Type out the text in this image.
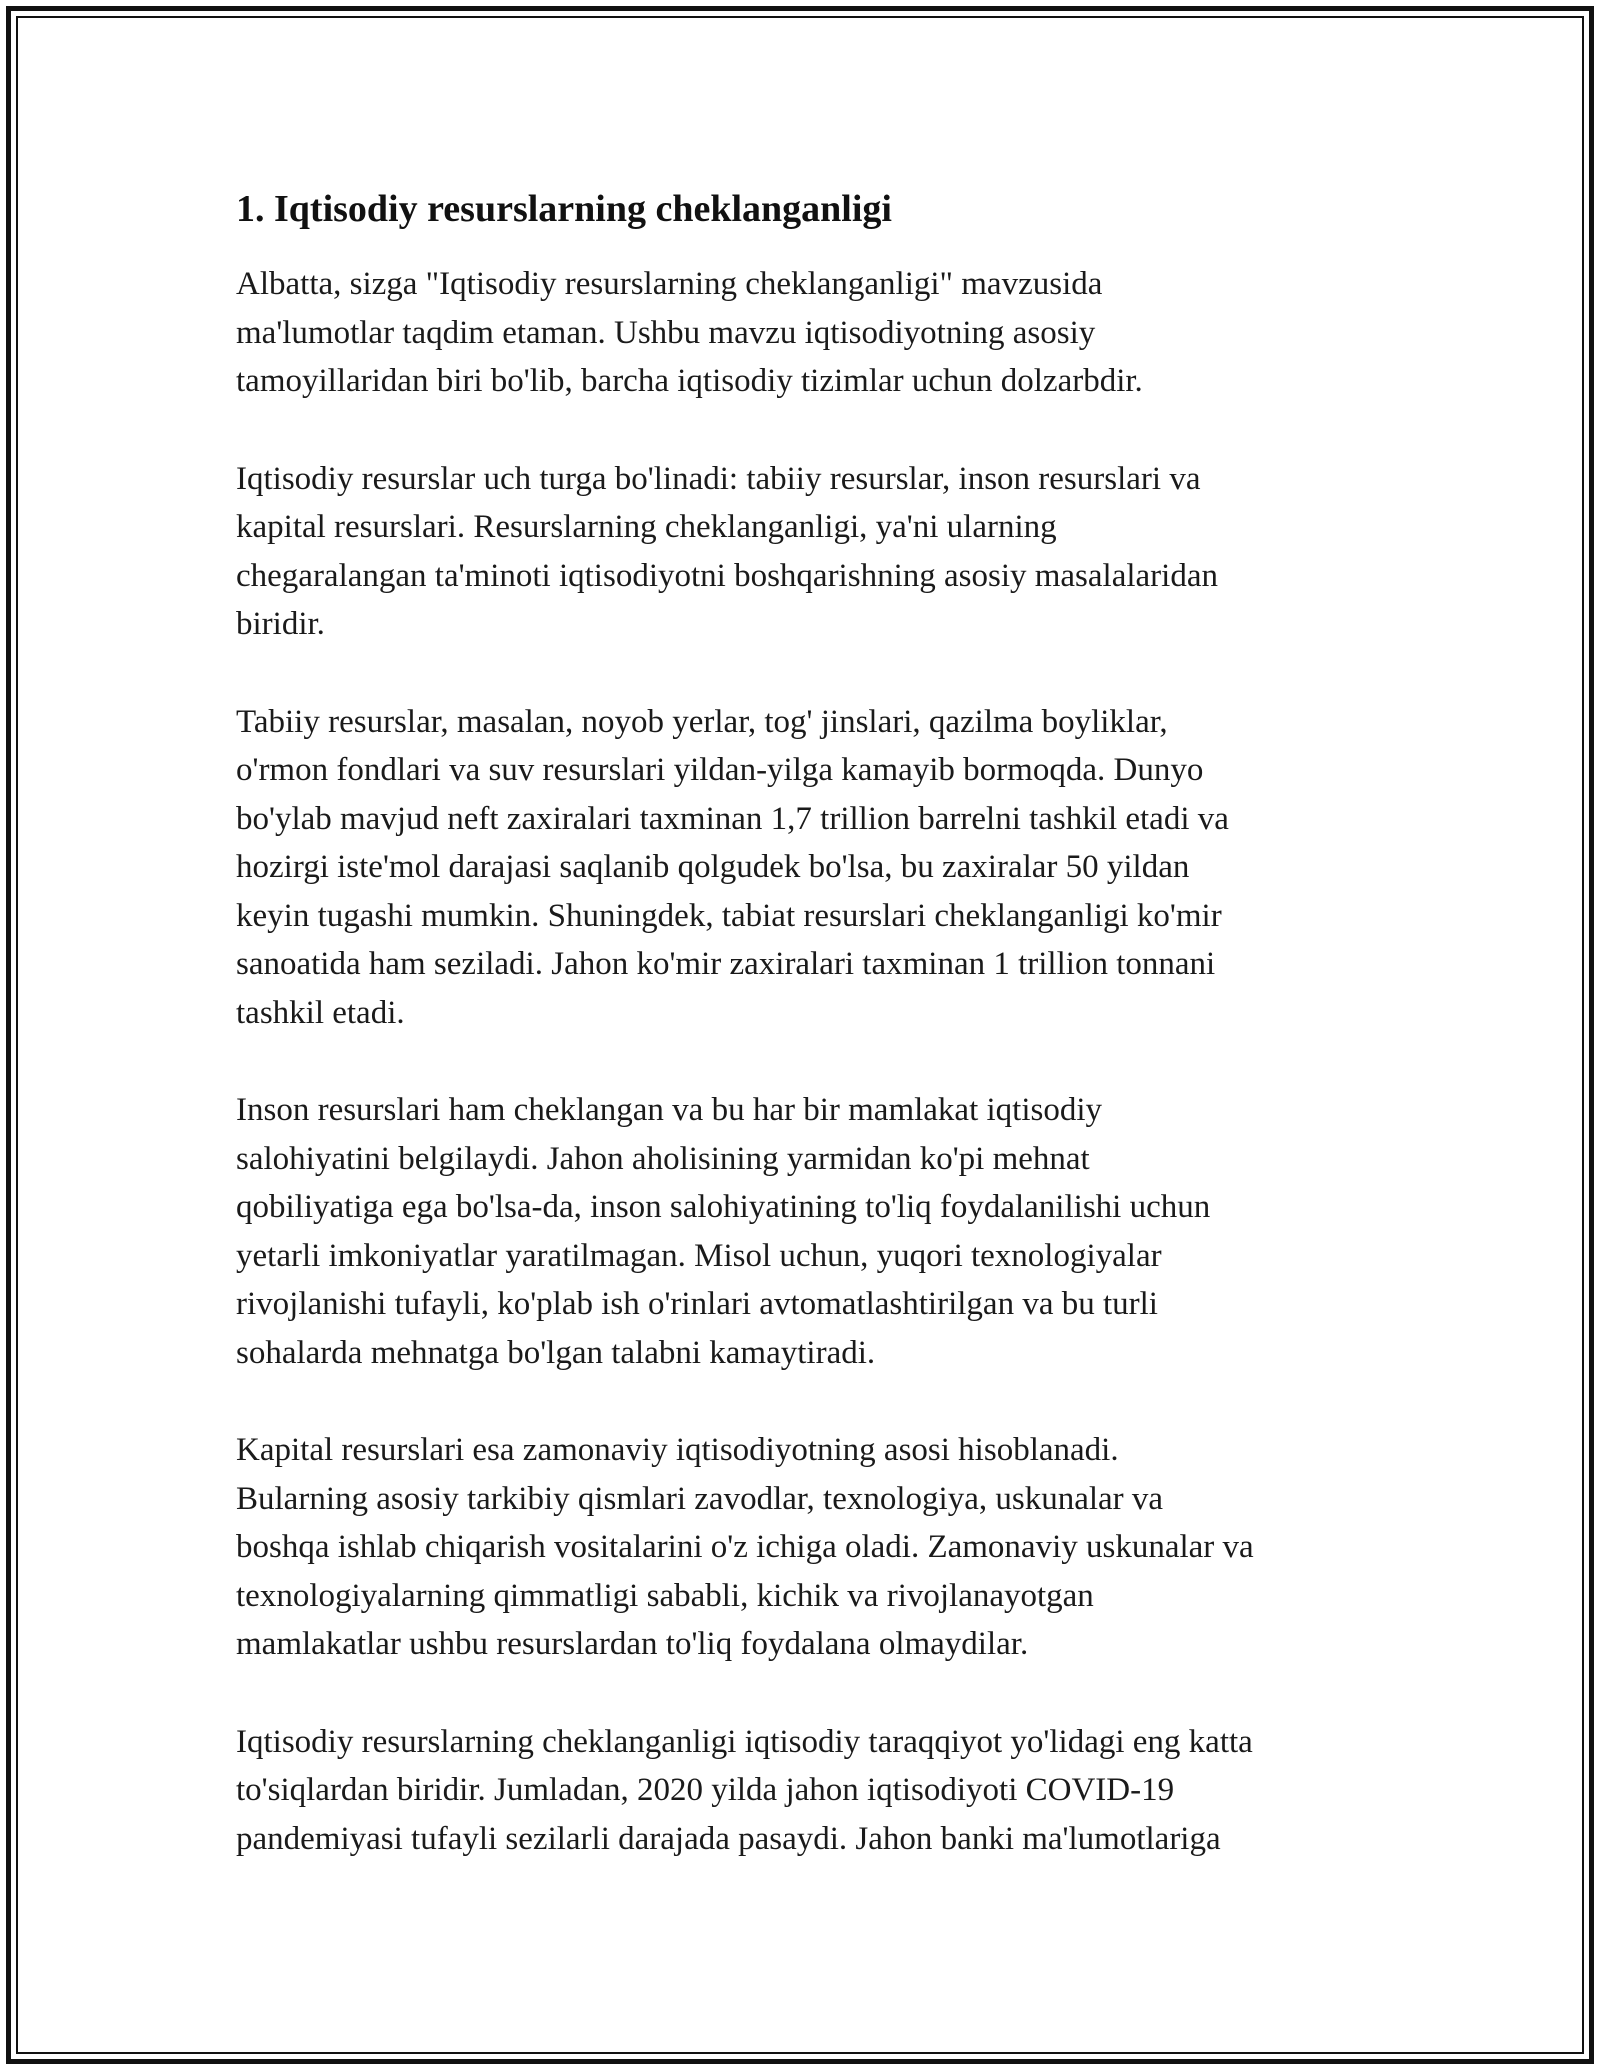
1. Iqtisodiy resurslarning cheklanganligi
Albatta, sizga "Iqtisodiy resurslarning cheklanganligi" mavzusida
ma'lumotlar taqdim etaman. Ushbu mavzu iqtisodiyotning asosiy
tamoyillaridan biri bo'lib, barcha iqtisodiy tizimlar uchun dolzarbdir.
Iqtisodiy resurslar uch turga bo'linadi: tabiiy resurslar, inson resurslari va
kapital resurslari. Resurslarning cheklanganligi, ya'ni ularning
chegaralangan ta'minoti iqtisodiyotni boshqarishning asosiy masalalaridan
biridir.
Tabiiy resurslar, masalan, noyob yerlar, tog' jinslari, qazilma boyliklar,
o'rmon fondlari va suv resurslari yildan-yilga kamayib bormoqda. Dunyo
bo'ylab mavjud neft zaxiralari taxminan 1,7 trillion barrelni tashkil etadi va
hozirgi iste'mol darajasi saqlanib qolgudek bo'lsa, bu zaxiralar 50 yildan
keyin tugashi mumkin. Shuningdek, tabiat resurslari cheklanganligi ko'mir
sanoatida ham seziladi. Jahon ko'mir zaxiralari taxminan 1 trillion tonnani
tashkil etadi.
Inson resurslari ham cheklangan va bu har bir mamlakat iqtisodiy
salohiyatini belgilaydi. Jahon aholisining yarmidan ko'pi mehnat
qobiliyatiga ega bo'lsa-da, inson salohiyatining to'liq foydalanilishi uchun
yetarli imkoniyatlar yaratilmagan. Misol uchun, yuqori texnologiyalar
rivojlanishi tufayli, ko'plab ish o'rinlari avtomatlashtirilgan va bu turli
sohalarda mehnatga bo'lgan talabni kamaytiradi.
Kapital resurslari esa zamonaviy iqtisodiyotning asosi hisoblanadi.
Bularning asosiy tarkibiy qismlari zavodlar, texnologiya, uskunalar va
boshqa ishlab chiqarish vositalarini o'z ichiga oladi. Zamonaviy uskunalar va
texnologiyalarning qimmatligi sababli, kichik va rivojlanayotgan
mamlakatlar ushbu resurslardan to'liq foydalana olmaydilar.
Iqtisodiy resurslarning cheklanganligi iqtisodiy taraqqiyot yo'lidagi eng katta
to'siqlardan biridir. Jumladan, 2020 yilda jahon iqtisodiyoti COVID-19
pandemiyasi tufayli sezilarli darajada pasaydi. Jahon banki ma'lumotlariga
